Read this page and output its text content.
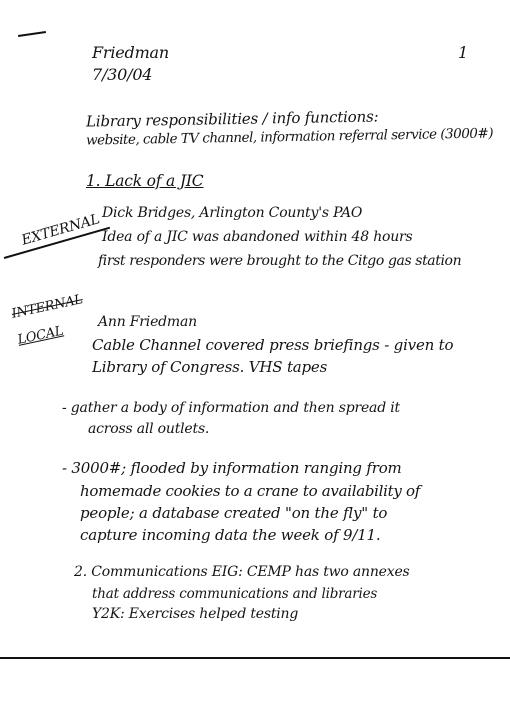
Friedman
7/30/04
1
Library responsibilities / info functions:
website, cable TV channel, information referral service (3000#)
1. Lack of a JIC
EXTERNAL Dick Bridges, Arlington County's PAO
Idea of a JIC was abandoned within 48 hours
first responders were brought to the Citgo gas station
INTERNAL
LOCAL
Ann Friedman
Cable Channel covered press briefings - given to
Library of Congress. VHS tapes
- gather a body of information and then spread it
across all outlets.
- 3000#; flooded by information ranging from
homemade cookies to a crane to availability of
people; a database created "on the fly" to
capture incoming data the week of 9/11.
2. Communications EIG: CEMP has two annexes
that address communications and libraries
Y2K: Exercises helped testing
